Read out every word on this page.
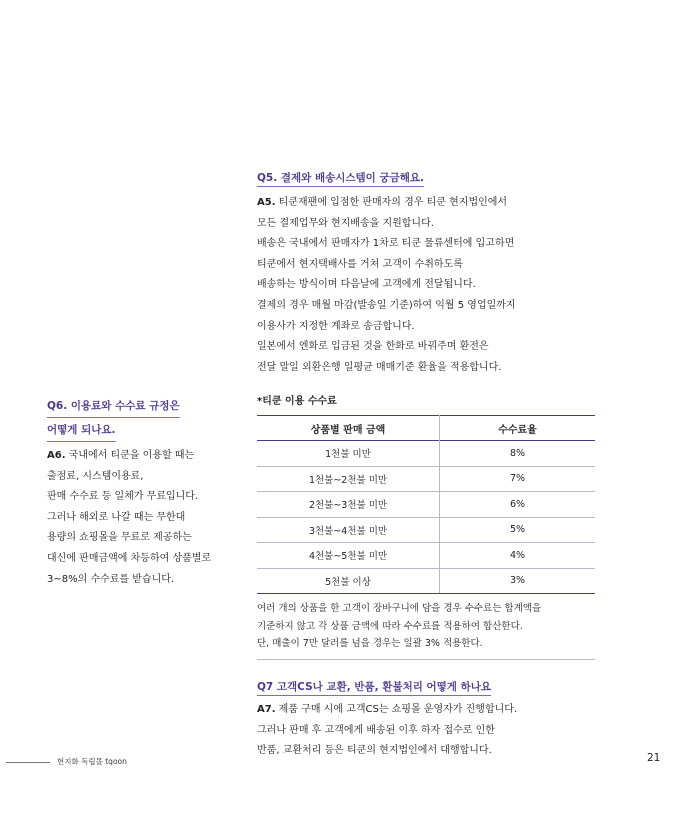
Q5. 결제와 배송시스템이 궁금해요.
A5. 티쿤재팬에 입점한 판매자의 경우 티쿤 현지법인에서
모든 결제업무와 현지배송을 지원합니다.
배송은 국내에서 판매자가 1차로 티쿤 물류센터에 입고하면
티쿤에서 현지택배사를 거쳐 고객이 수취하도록
배송하는 방식이며 다음날에 고객에게 전달됩니다.
결제의 경우 매월 마감(발송일 기준)하여 익월 5 영업일까지
이용사가 지정한 계좌로 송금합니다.
일본에서 엔화로 입금된 것을 한화로 바꿔주며 환전은
전달 말일 외환은행 일평균 매매기준 환율을 적용합니다.
Q6. 이용료와 수수료 규정은
어떻게 되나요.
A6. 국내에서 티쿤을 이용할 때는
출점료, 시스템이용료,
판매 수수료 등 일체가 무료입니다.
그러나 해외로 나갈 때는 무한대
용량의 쇼핑몰을 무료로 제공하는
대신에 판매금액에 차등하여 상품별로
3~8%의 수수료를 받습니다.
*티쿤 이용 수수료
상품별 판매 금액	수수료율
1천불 미만	8%
1천불~2천불 미만	7%
2천불~3천불 미만	6%
3천불~4천불 미만	5%
4천불~5천불 미만	4%
5천불 이상	3%
여러 개의 상품을 한 고객이 장바구니에 담을 경우 수수료는 합계액을
기준하지 않고 각 상품 금액에 따라 수수료를 적용하여 합산한다.
단, 매출이 7만 달러를 넘을 경우는 일괄 3% 적용한다.
Q7 고객CS나 교환, 반품, 환불처리 어떻게 하나요
A7. 제품 구매 시에 고객CS는 쇼핑몰 운영자가 진행합니다.
그러나 판매 후 고객에게 배송된 이후 하자 접수로 인한
반품, 교환처리 등은 티쿤의 현지법인에서 대행합니다.
현지화 독립몰 tqoon	21
